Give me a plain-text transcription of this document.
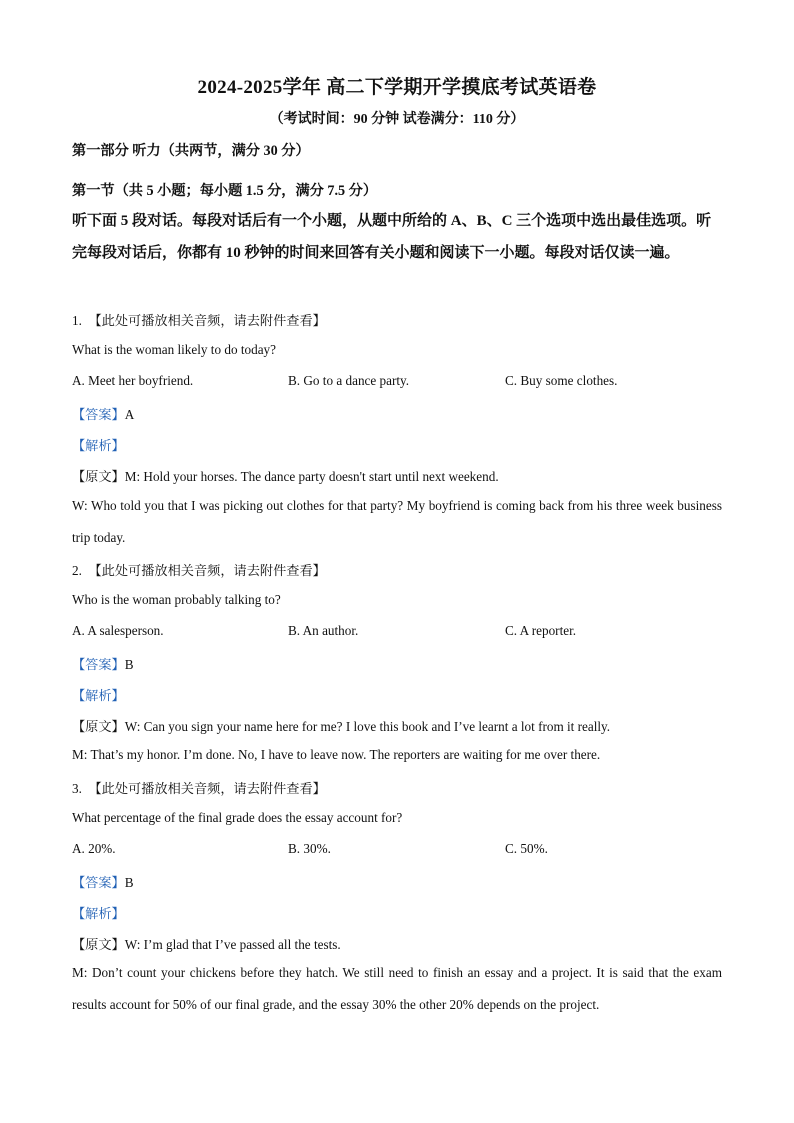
2024-2025学年 高二下学期开学摸底考试英语卷
（考试时间：90 分钟 试卷满分：110 分）
第一部分 听力（共两节，满分 30 分）
第一节（共 5 小题；每小题 1.5 分，满分 7.5 分）
听下面 5 段对话。每段对话后有一个小题，从题中所给的 A、B、C 三个选项中选出最佳选项。听完每段对话后，你都有 10 秒钟的时间来回答有关小题和阅读下一小题。每段对话仅读一遍。
1. 【此处可播放相关音频，请去附件查看】
What is the woman likely to do today?
A. Meet her boyfriend.	B. Go to a dance party.	C. Buy some clothes.
【答案】A
【解析】
【原文】M: Hold your horses. The dance party doesn't start until next weekend.
W: Who told you that I was picking out clothes for that party? My boyfriend is coming back from his three week business trip today.
2. 【此处可播放相关音频，请去附件查看】
Who is the woman probably talking to?
A. A salesperson.	B. An author.	C. A reporter.
【答案】B
【解析】
【原文】W: Can you sign your name here for me? I love this book and I’ve learnt a lot from it really.
M: That’s my honor. I’m done. No, I have to leave now. The reporters are waiting for me over there.
3. 【此处可播放相关音频，请去附件查看】
What percentage of the final grade does the essay account for?
A. 20%.	B. 30%.	C. 50%.
【答案】B
【解析】
【原文】W: I’m glad that I’ve passed all the tests.
M: Don’t count your chickens before they hatch. We still need to finish an essay and a project. It is said that the exam results account for 50% of our final grade, and the essay 30% the other 20% depends on the project.
